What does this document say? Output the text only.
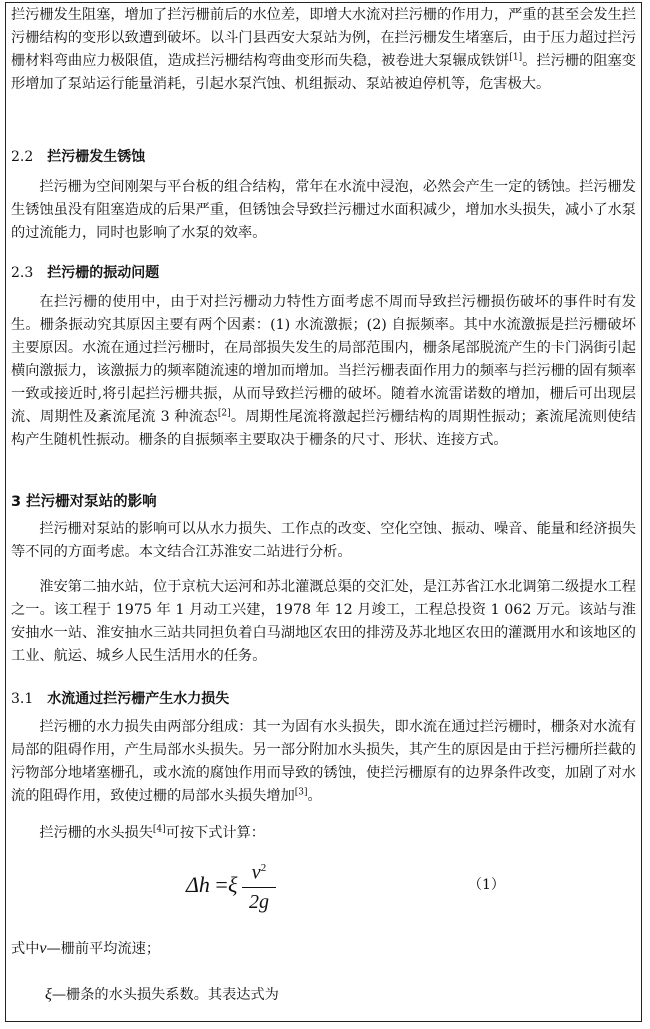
拦污栅发生阻塞，增加了拦污栅前后的水位差，即增大水流对拦污栅的作用力，严重的甚至会发生拦污栅结构的变形以致遭到破坏。以斗门县西安大泵站为例，在拦污栅发生堵塞后，由于压力超过拦污栅材料弯曲应力极限值，造成拦污栅结构弯曲变形而失稳，被卷进大泵辗成铁饼[1]。拦污栅的阻塞变形增加了泵站运行能量消耗，引起水泵汽蚀、机组振动、泵站被迫停机等，危害极大。

2.2 拦污栅发生锈蚀

拦污栅为空间刚架与平台板的组合结构，常年在水流中浸泡，必然会产生一定的锈蚀。拦污栅发生锈蚀虽没有阻塞造成的后果严重，但锈蚀会导致拦污栅过水面积减少，增加水头损失，减小了水泵的过流能力，同时也影响了水泵的效率。

2.3 拦污栅的振动问题

在拦污栅的使用中，由于对拦污栅动力特性方面考虑不周而导致拦污栅损伤破坏的事件时有发生。栅条振动究其原因主要有两个因素：(1) 水流激振；(2) 自振频率。其中水流激振是拦污栅破坏主要原因。水流在通过拦污栅时，在局部损失发生的局部范围内，栅条尾部脱流产生的卡门涡街引起横向激振力，该激振力的频率随流速的增加而增加。当拦污栅表面作用力的频率与拦污栅的固有频率一致或接近时,将引起拦污栅共振，从而导致拦污栅的破坏。随着水流雷诺数的增加，栅后可出现层流、周期性及紊流尾流 3 种流态[2]。周期性尾流将激起拦污栅结构的周期性振动；紊流尾流则使结构产生随机性振动。栅条的自振频率主要取决于栅条的尺寸、形状、连接方式。

3 拦污栅对泵站的影响

拦污栅对泵站的影响可以从水力损失、工作点的改变、空化空蚀、振动、噪音、能量和经济损失等不同的方面考虑。本文结合江苏淮安二站进行分析。

淮安第二抽水站，位于京杭大运河和苏北灌溉总渠的交汇处，是江苏省江水北调第二级提水工程之一。该工程于 1975 年 1 月动工兴建，1978 年 12 月竣工，工程总投资 1 062 万元。该站与淮安抽水一站、淮安抽水三站共同担负着白马湖地区农田的排涝及苏北地区农田的灌溉用水和该地区的工业、航运、城乡人民生活用水的任务。

3.1 水流通过拦污栅产生水力损失

拦污栅的水力损失由两部分组成：其一为固有水头损失，即水流在通过拦污栅时，栅条对水流有局部的阻碍作用，产生局部水头损失。另一部分附加水头损失，其产生的原因是由于拦污栅所拦截的污物部分地堵塞栅孔，或水流的腐蚀作用而导致的锈蚀，使拦污栅原有的边界条件改变，加剧了对水流的阻碍作用，致使过栅的局部水头损失增加[3]。

拦污栅的水头损失[4]可按下式计算：

Δh = ξ $v^2$
2g
（1）

式中v—栅前平均流速；

ξ—栅条的水头损失系数。其表达式为
